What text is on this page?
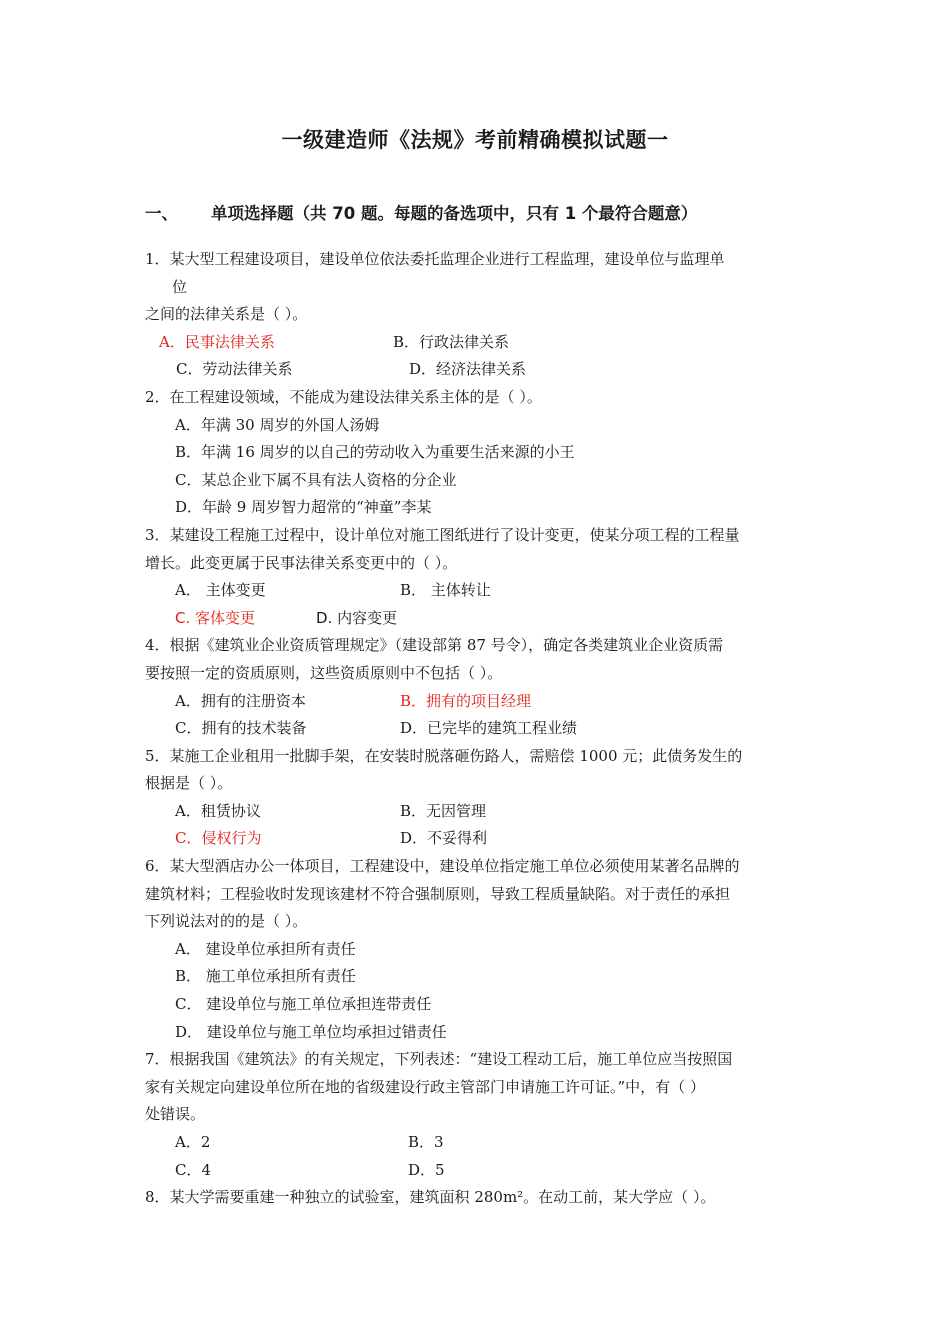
一级建造师《法规》考前精确模拟试题一
一、 单项选择题（共 70 题。每题的备选项中，只有 1 个最符合题意）
1．某大型工程建设项目，建设单位依法委托监理企业进行工程监理，建设单位与监理单
位
之间的法律关系是（ ）。
A．民事法律关系	B．行政法律关系
C．劳动法律关系	D．经济法律关系
2．在工程建设领域，不能成为建设法律关系主体的是（ ）。
A．年满 30 周岁的外国人汤姆
B．年满 16 周岁的以自己的劳动收入为重要生活来源的小王
C．某总企业下属不具有法人资格的分企业
D．年龄 9 周岁智力超常的“神童”李某
3．某建设工程施工过程中，设计单位对施工图纸进行了设计变更，使某分项工程的工程量
增长。此变更属于民事法律关系变更中的（ ）。
A． 主体变更	B． 主体转让
C. 客体变更	D. 内容变更
4．根据《建筑业企业资质管理规定》（建设部第 87 号令），确定各类建筑业企业资质需
要按照一定的资质原则，这些资质原则中不包括（ ）。
A．拥有的注册资本	B．拥有的项目经理
C．拥有的技术装备	D．已完毕的建筑工程业绩
5．某施工企业租用一批脚手架，在安装时脱落砸伤路人，需赔偿 1000 元；此债务发生的
根据是（ ）。
A．租赁协议	B．无因管理
C．侵权行为	D．不妥得利
6．某大型酒店办公一体项目，工程建设中，建设单位指定施工单位必须使用某著名品牌的
建筑材料；工程验收时发现该建材不符合强制原则，导致工程质量缺陷。对于责任的承担
下列说法对的的是（ ）。
A． 建设单位承担所有责任
B． 施工单位承担所有责任
C． 建设单位与施工单位承担连带责任
D． 建设单位与施工单位均承担过错责任
7．根据我国《建筑法》的有关规定，下列表述：“建设工程动工后，施工单位应当按照国
家有关规定向建设单位所在地的省级建设行政主管部门申请施工许可证。”中，有（ ）
处错误。
A．2	B．3
C．4	D．5
8．某大学需要重建一种独立的试验室，建筑面积 280m²。在动工前，某大学应（ ）。
